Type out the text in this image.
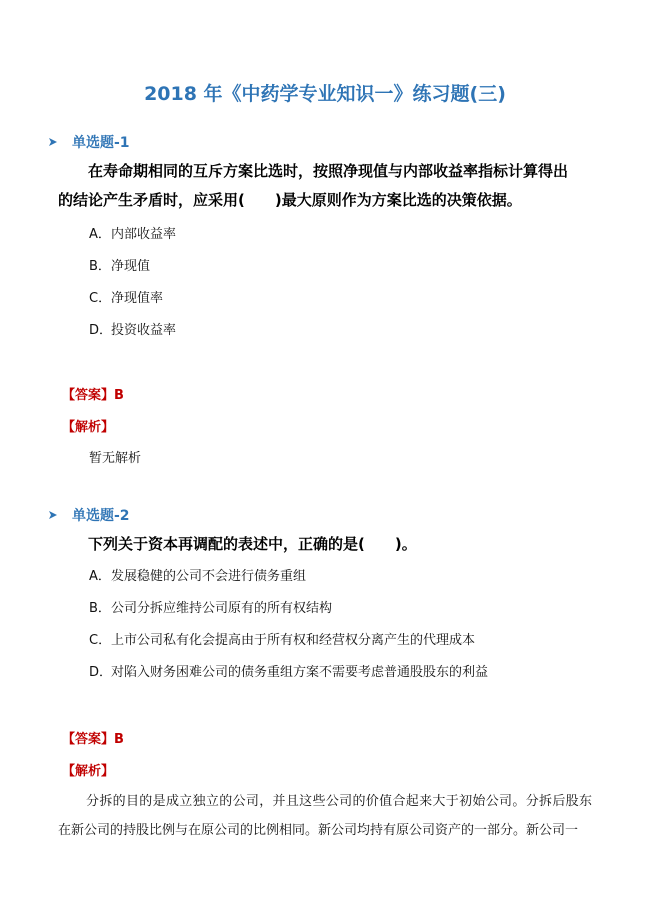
2018 年《中药学专业知识一》练习题(三)
单选题-1
在寿命期相同的互斥方案比选时，按照净现值与内部收益率指标计算得出
的结论产生矛盾时，应采用(　　)最大原则作为方案比选的决策依据。
A．内部收益率
B．净现值
C．净现值率
D．投资收益率
【答案】B
【解析】
暂无解析
单选题-2
下列关于资本再调配的表述中，正确的是(　　)。
A．发展稳健的公司不会进行债务重组
B．公司分拆应维持公司原有的所有权结构
C．上市公司私有化会提高由于所有权和经营权分离产生的代理成本
D．对陷入财务困难公司的债务重组方案不需要考虑普通股股东的利益
【答案】B
【解析】
分拆的目的是成立独立的公司，并且这些公司的价值合起来大于初始公司。分拆后股东在新公司的持股比例与在原公司的比例相同。新公司均持有原公司资产的一部分。新公司一
